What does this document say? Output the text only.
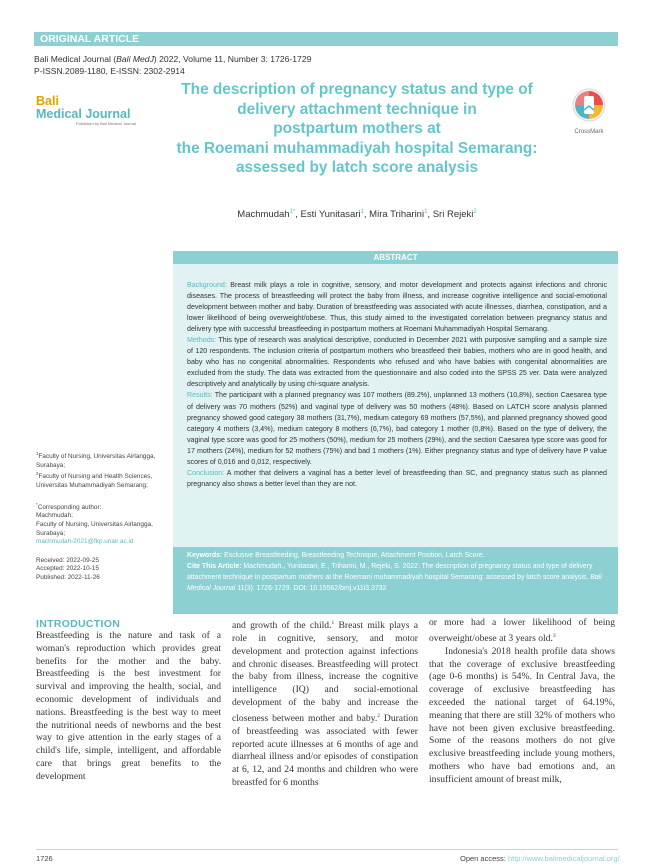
ORIGINAL ARTICLE
Bali Medical Journal (Bali MedJ) 2022, Volume 11, Number 3: 1726-1729
P-ISSN.2089-1180, E-ISSN: 2302-2914
Bali
Medical Journal
Published by Bali Medical Journal
The description of pregnancy status and type of
delivery attachment technique in
postpartum mothers at
the Roemani muhammadiyah hospital Semarang:
assessed by latch score analysis
CrossMark
Machmudah$^{1*}$, Esti Yunitasari$^1$, Mira Triharini$^1$, Sri Rejeki$^2$
ABSTRACT

Background: Breast milk plays a role in cognitive, sensory, and motor development and protects against infections and chronic diseases. The process of breastfeeding will protect the baby from illness, and increase cognitive intelligence and social-emotional development between mother and baby. Duration of breastfeeding was associated with acute illnesses, diarrhea, constipation, and a lower likelihood of being overweight/obese. Thus, this study aimed to the investigated correlation between pregnancy status and delivery type with successful breastfeeding in postpartum mothers at Roemani Muhammadiyah Hospital Semarang.

Methods: This type of research was analytical descriptive, conducted in December 2021 with purposive sampling and a sample size of 120 respondents. The inclusion criteria of postpartum mothers who breastfeed their babies, mothers who are in good health, and baby who has no congenital abnormalities. Respondents who refused and who have babies with congenital abnormalities are excluded from the study. The data was extracted from the questionnaire and also coded into the SPSS 25 ver. Data were analyzed descriptively and analytically by using chi-square analysis.

Results: The participant with a planned pregnancy was 107 mothers (89.2%), unplanned 13 mothers (10,8%), section Caesarea type of delivery was 70 mothers (52%) and vaginal type of delivery was 50 mothers (48%). Based on LATCH score analysis planned pregnancy showed good category 38 mothers (31,7%), medium category 69 mothers (57,5%), and planned pregnancy showed good category 4 mothers (3,4%), medium category 8 mothers (6,7%), bad category 1 mother (0,8%). Based on the type of delivery, the vaginal type score was good for 25 mothers (50%), medium for 25 mothers (29%), and the section Caesarea type score was good for 17 mothers (24%), medium for 52 mothers (75%) and bad 1 mothers (1%). Either pregnancy status and type of delivery have P value scores of 0,016 and 0,012, respectively.

Conclusion: A mother that delivers a vaginal has a better level of breastfeeding than SC, and pregnancy status such as planned pregnancy also shows a better level than they are not.

$^1$Faculty of Nursing, Universitas Airlangga, Surabaya;

$^2$Faculty of Nursing and Health Sciences, Universitas Muhammadiyah Semarang;

*Corresponding author:

Machmudah;

Faculty of Nursing, Universitas Airlangga, Surabaya;

machmudah-2021@fkp.unair.ac.id

Received: 2022-09-25

Accepted: 2022-10-15

Published: 2022-11-26

Keywords: Exclusive Breastfeeding, Breastfeeding Technique, Attachment Position, Latch Score.

Cite This Article: Machmudah., Yunitasari, E., Triharini, M., Rejeki, S. 2022. The description of pregnancy status and type of delivery attachment technique in postpartum mothers at the Roemani muhammadiyah hospital Semarang: assessed by latch score analysis. Bali Medical Journal 11(3): 1726-1729. DOI: 10.15562/bmj.v11i3.3732

INTRODUCTION

Breastfeeding is the nature and task of a woman's reproduction which provides great benefits for the mother and the baby. Breastfeeding is the best investment for survival and improving the health, social, and economic development of individuals and nations. Breastfeeding is the best way to meet the nutritional needs of newborns and the best way to give attention in the early stages of a child's life, simple, intelligent, and affordable care that brings great benefits to the development

and growth of the child.$^1$ Breast milk plays a role in cognitive, sensory, and motor development and protection against infections and chronic diseases. Breastfeeding will protect the baby from illness, increase the cognitive intelligence (IQ) and social-emotional development of the baby and increase the closeness between mother and baby.$^2$ Duration of breastfeeding was associated with fewer reported acute illnesses at 6 months of age and diarrheal illness and/or episodes of constipation at 6, 12, and 24 months and children who were breastfed for 6 months

or more had a lower likelihood of being overweight/obese at 3 years old.$^3$

Indonesia's 2018 health profile data shows that the coverage of exclusive breastfeeding (age 0-6 months) is 54%. In Central Java, the coverage of exclusive breastfeeding has exceeded the national target of 64.19%, meaning that there are still 32% of mothers who have not been given exclusive breastfeeding. Some of the reasons mothers do not give exclusive breastfeeding include young mothers, mothers who have bad emotions and, an insufficient amount of breast milk,

1726	Open access: http://www.balimedicaljournal.org/
